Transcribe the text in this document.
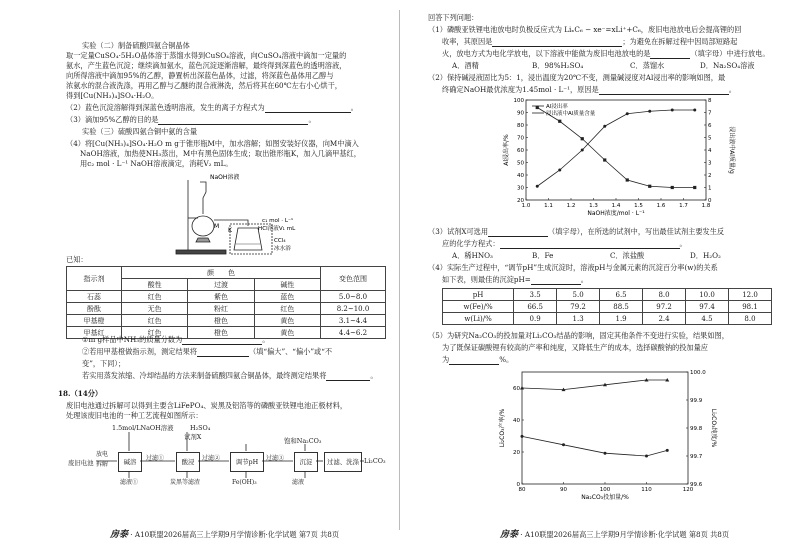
实验（二）制备硫酸四氨合铜晶体
取一定量CuSO₄·5H₂O晶体溶于蒸馏水得到CuSO₄溶液，向CuSO₄溶液中滴加一定量的
氨水，产生蓝色沉淀；继续滴加氨水，蓝色沉淀逐渐溶解，最终得到深蓝色的透明溶液，
向所得溶液中滴加95%的乙醇，静置析出深蓝色晶体，过滤，将深蓝色晶体用乙醇与
浓氨水的混合液洗涤，再用乙醇与乙醚的混合液淋洗，然后将其在60℃左右小心烘干，
得到[Cu(NH₃)₄]SO₄·H₂O。
（2）蓝色沉淀溶解得到深蓝色透明溶液，发生的离子方程式为	。
（3）滴加95%乙醇的目的是	。
实验（三）硫酸四氨合铜中氨的含量
（4）将[Cu(NH₃)₄]SO₄·H₂O m g于锥形瓶M中，加水溶解；如图安装好仪器，向M中滴入
NaOH溶液，加热使NH₃蒸出，M中有黑色固体生成；取出锥形瓶K，加入几滴甲基红，
用c₂ mol · L⁻¹ NaOH溶液滴定，消耗V₂ mL。
NaOH溶液
M
K
c₁ mol · L⁻¹
HCl溶液V₁ mL
CCl₄
冰水浴
已知：
指示剂	颜　　色			变色范围
	酸性	过渡	碱性	
石蕊	红色	紫色	蓝色	5.0~8.0
酚酞	无色	粉红	红色	8.2~10.0
甲基橙	红色	橙色	黄色	3.1~4.4
甲基红	红色	橙色	黄色	4.4~6.2
①m g样品中NH₃的质量分数为	。
②若用甲基橙做指示剂，测定结果将	（填“偏大”、“偏小”或“不
变”，下同）；
若实用蒸发浓缩、冷却结晶的方法来制备硫酸四氨合铜晶体，最终测定结果将	。
18.（14分）
废旧电池通过拆解可以得到主要含LiFePO₄、炭黑及铝箔等的磷酸亚铁锂电池正极材料，
处理该废旧电池的一种工艺流程如图所示：
1.5mol/LNaOH溶液	H₂SO₄
试剂X	饱和Na₂CO₃
废旧电池
放电
拆解	碱溶	过滤①	酸浸	过滤②	调节pH	过滤③	沉淀	过滤、洗涤 Li₂CO₃
滤液①	炭黑等滤渣	Fe(OH)₃	滤液
房泰 · A10联盟2026届高三上学期9月学情诊断·化学试题 第7页 共8页
回答下列问题：
（1）磷酸亚铁锂电池放电时负极反应式为 LiₓC₆ − xe⁻=xLi⁺+C₆，废旧电池放电后会提高锂的回
收率，其原因是	；为避免在拆解过程中因局部短路起
火，放电方式为电化学放电，以下溶液中能做为废旧电池放电的是	（填字母）中进行放电。
A．酒精	B．98%H₂SO₄	C．蒸馏水	D．Na₂SO₄溶液
（2）保持碱浸液固比为5：1，浸出温度为20℃不变，测量碱浸度对Al浸出率的影响如图，最
终确定NaOH最优浓度为1.45mol · L⁻¹，原因是	。
1.0	1.1	1.2	1.3	1.4	1.5	1.6	1.7	1.8
20
30
40
50
60
70
80
90
100
0
1
2
3
4
5
6
7
8
NaOH浓度/mol · L⁻¹
Al浸出率/%	浸出液中Al质量/g
Al浸出率
浸出液中Al质量含量
（3）试剂X可选用	（填字母），在所选的试剂中，写出最佳试剂主要发生反
应的化学方程式：	。
A．稀HNO₃	B．Fe	C．浓盐酸	D．H₂O₂
（4）实际生产过程中，“调节pH”生成沉淀时，溶液pH与金属元素的沉淀百分率(w)的关系
如下表，则最佳的沉淀pH=	。
pH	3.5	5.0	6.5	8.0	10.0	12.0
w(Fe)/%	66.5	79.2	88.5	97.2	97.4	98.1
w(Li)/%	0.9	1.3	1.9	2.4	4.5	8.0
（5）为研究Na₂CO₃的投加量对Li₂CO₃结晶的影响，固定其他条件不变进行实验，结果如图，
为了既保证碳酸锂有较高的产率和纯度，又降低生产的成本，选择碳酸钠的投加量应
为	%。
80	90	100	110	120
0
20
40
60
99.6
99.7
99.8
99.9
100.0
Na₂CO₃投加量/%
Li₂CO₃产率/%	Li₂CO₃纯度/%
房泰 · A10联盟2026届高三上学期9月学情诊断·化学试题 第8页 共8页
